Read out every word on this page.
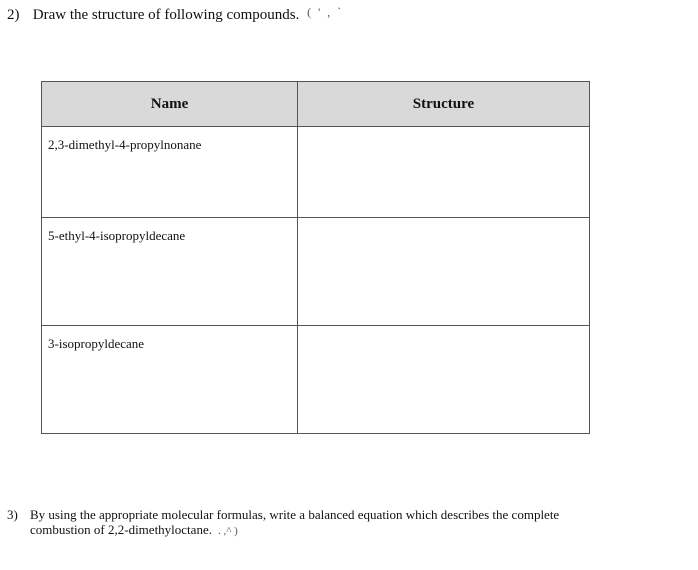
2) Draw the structure of following compounds. ( ' , `
Name	Structure
2,3-dimethyl-4-propylnonane
5-ethyl-4-isopropyldecane
3-isopropyldecane
3) By using the appropriate molecular formulas, write a balanced equation which describes the complete combustion of 2,2-dimethyloctane. . ,^ )
